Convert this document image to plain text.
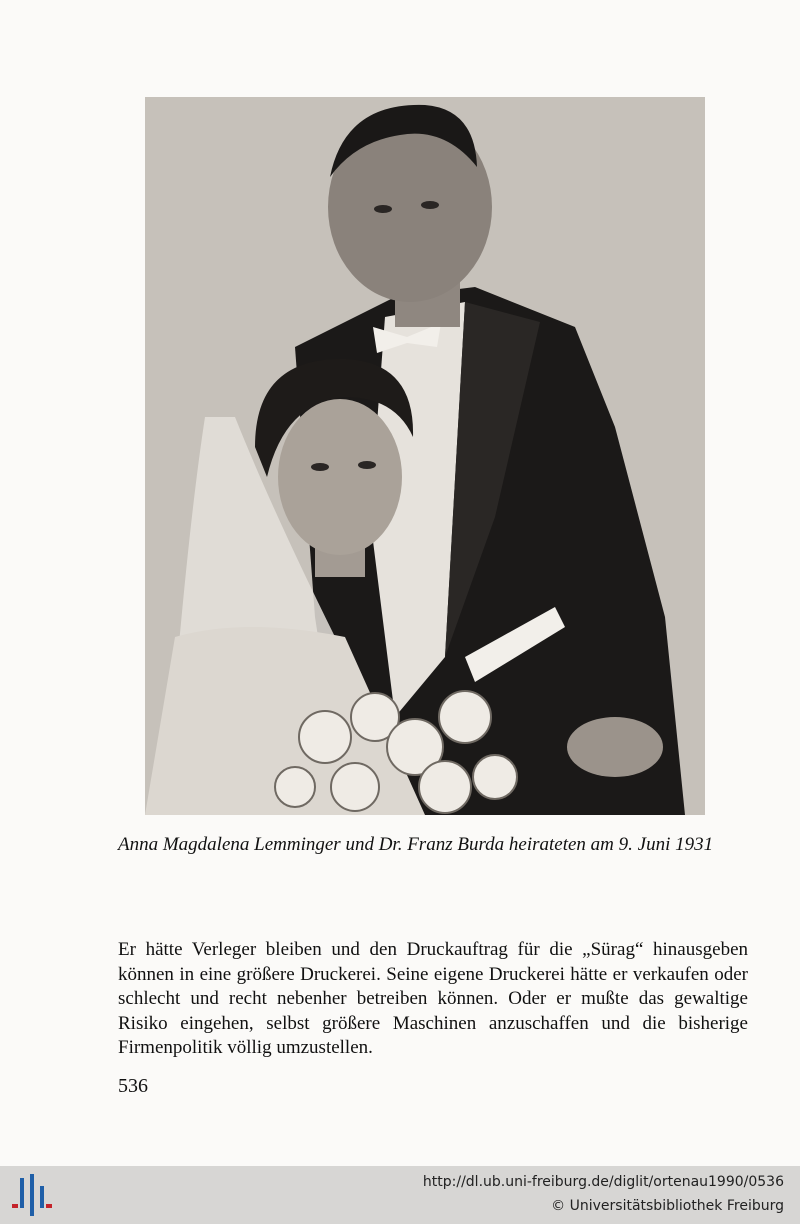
Anna Magdalena Lemminger und Dr. Franz Burda heirateten am 9. Juni 1931
Er hätte Verleger bleiben und den Druckauftrag für die „Sürag“ hinausgeben können in eine größere Druckerei. Seine eigene Druckerei hätte er verkaufen oder schlecht und recht nebenher betreiben können. Oder er mußte das gewaltige Risiko eingehen, selbst größere Maschinen anzuschaffen und die bisherige Firmenpolitik völlig umzustellen.
536
http://dl.ub.uni-freiburg.de/diglit/ortenau1990/0536
© Universitätsbibliothek Freiburg
